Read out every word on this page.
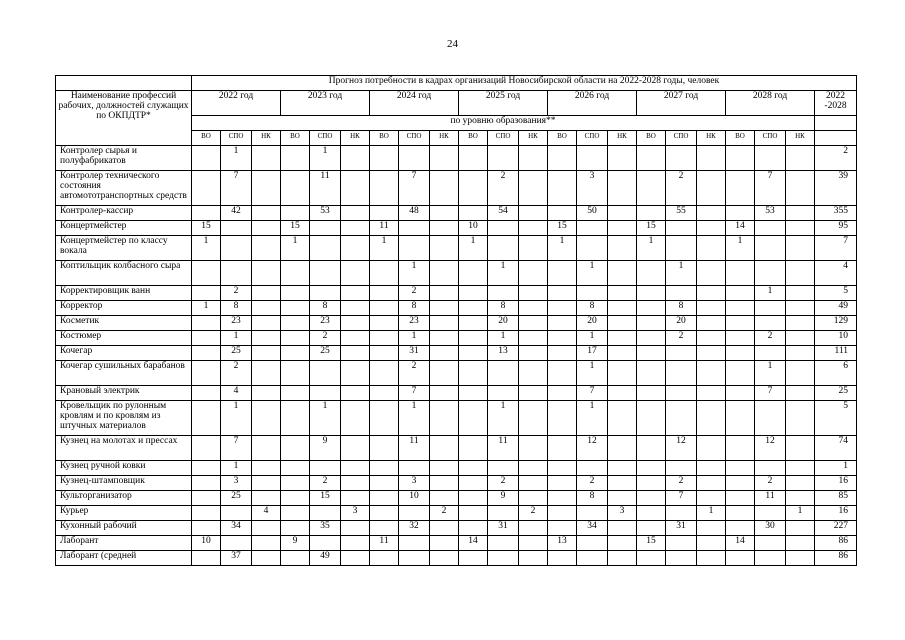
24
	Прогноз потребности в кадрах организаций Новосибирской области на 2022-2028 годы, человек																					
Наименование профессий рабочих, должностей служащих по ОКПДТР*	2022 год			2023 год			2024 год			2025 год			2026 год			2027 год			2028 год			2022 -2028
	по уровню образования**																					
	ВО	СПО	НК	ВО	СПО	НК	ВО	СПО	НК	ВО	СПО	НК	ВО	СПО	НК	ВО	СПО	НК	ВО	СПО	НК	
Контролер сырья и полуфабрикатов		1			1																	2
Контролер технического состояния автомототранспортных средств		7			11			7			2			3			2			7		39
Контролер-кассир		42			53			48			54			50			55			53		355
Концертмейстер	15			15			11			10			15			15			14			95
Концертмейстер по классу вокала	1			1			1			1			1			1			1			7
Коптильщик колбасного сыра								1			1			1			1					4
Корректировщик ванн		2						2												1		5
Корректор	1	8			8			8			8			8			8					49
Косметик		23			23			23			20			20			20					129
Костюмер		1			2			1			1			1			2			2		10
Кочегар		25			25			31			13			17								111
Кочегар сушильных барабанов		2						2						1						1		6
Крановый электрик		4						7						7						7		25
Кровельщик по рулонным кровлям и по кровлям из штучных материалов		1			1			1			1			1								5
Кузнец на молотах и прессах		7			9			11			11			12			12			12		74
Кузнец ручной ковки		1																				1
Кузнец-штамповщик		3			2			3			2			2			2			2		16
Культорганизатор		25			15			10			9			8			7			11		85
Курьер			4			3			2			2			3			1			1	16
Кухонный рабочий		34			35			32			31			34			31			30		227
Лаборант	10			9			11			14			13			15			14			86
Лаборант (средней		37			49																	86
